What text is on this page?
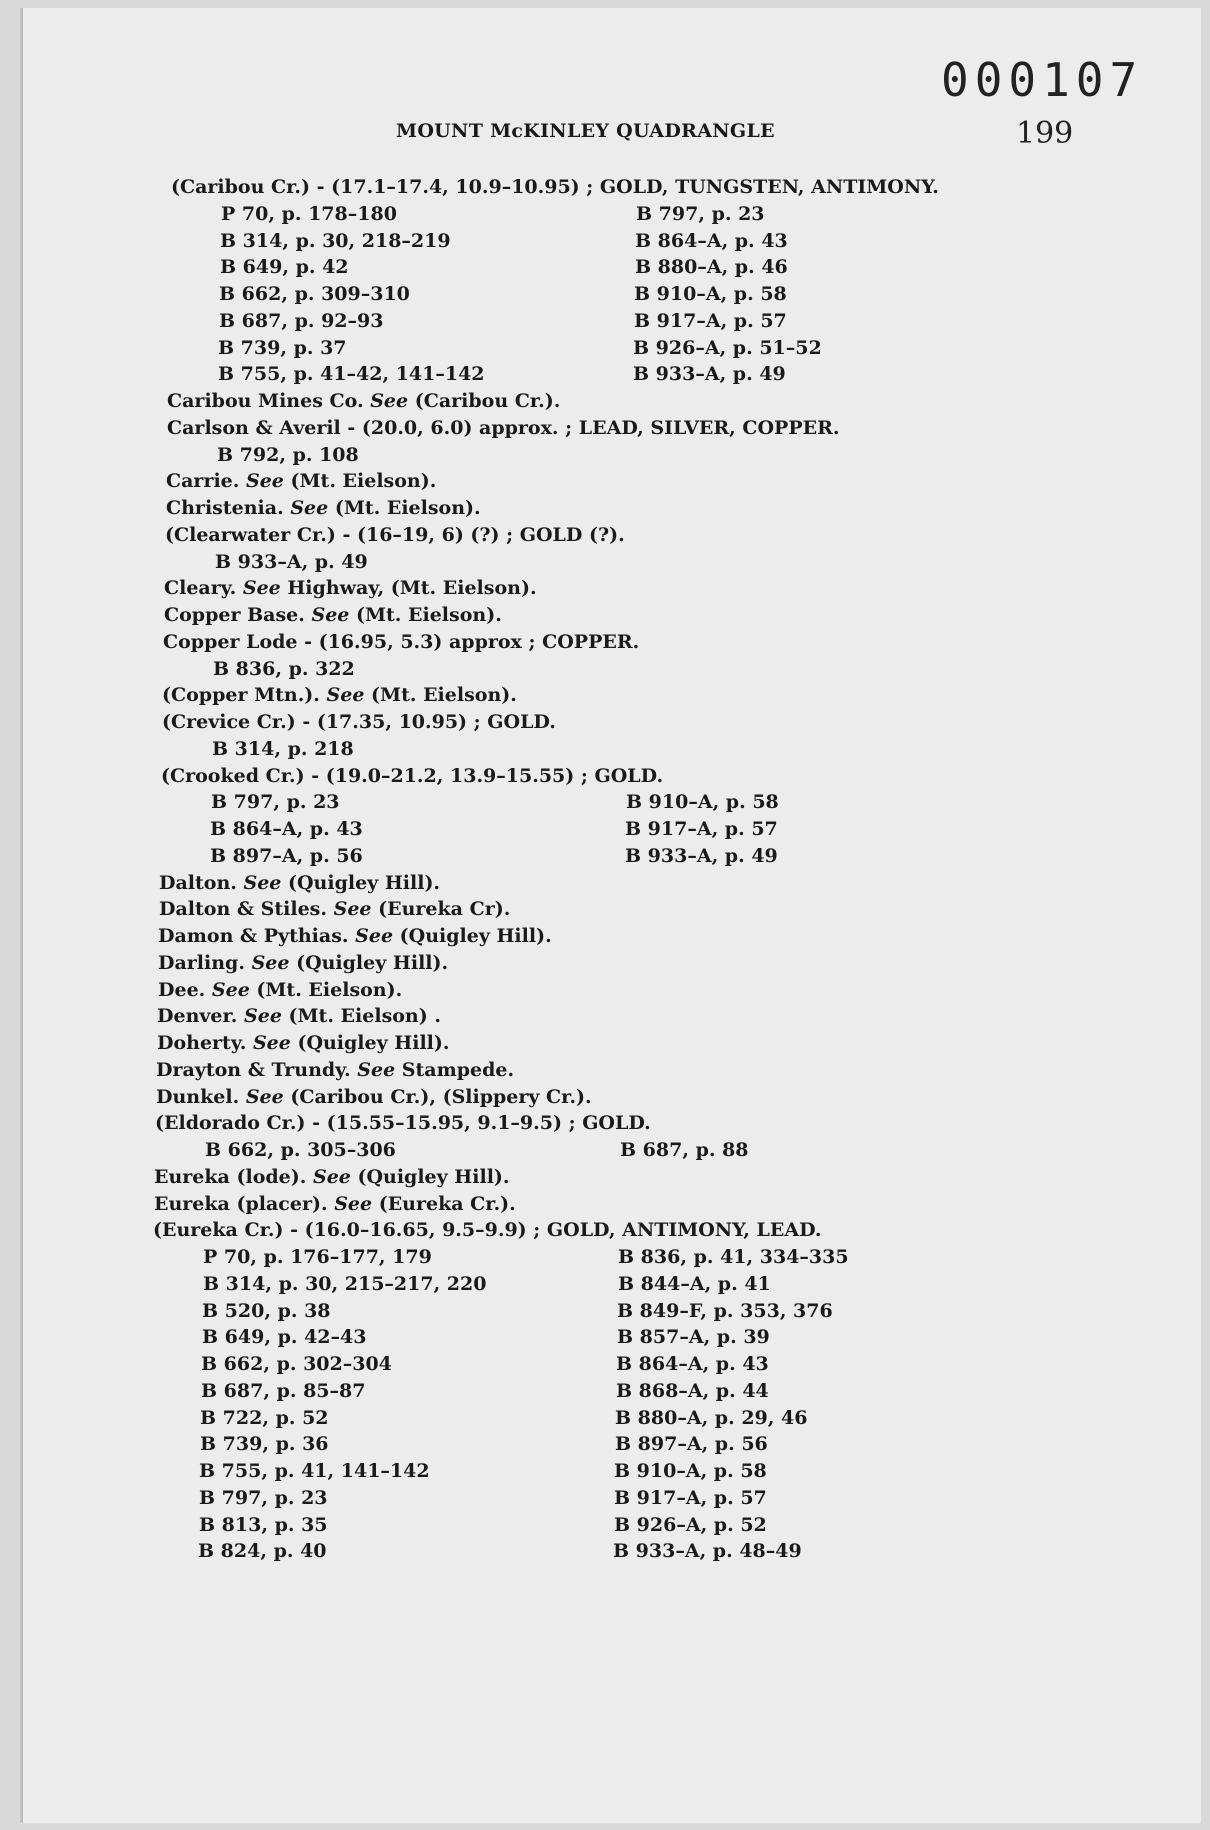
000107
MOUNT McKINLEY QUADRANGLE	199
(Caribou Cr.) - (17.1–17.4, 10.9–10.95) ; GOLD, TUNGSTEN, ANTIMONY.
P 70, p. 178–180	B 797, p. 23
B 314, p. 30, 218–219	B 864–A, p. 43
B 649, p. 42	B 880–A, p. 46
B 662, p. 309–310	B 910–A, p. 58
B 687, p. 92–93	B 917–A, p. 57
B 739, p. 37	B 926–A, p. 51–52
B 755, p. 41–42, 141–142	B 933–A, p. 49
Caribou Mines Co. See (Caribou Cr.).
Carlson & Averil - (20.0, 6.0) approx. ; LEAD, SILVER, COPPER.
B 792, p. 108
Carrie. See (Mt. Eielson).
Christenia. See (Mt. Eielson).
(Clearwater Cr.) - (16–19, 6) (?) ; GOLD (?).
B 933–A, p. 49
Cleary. See Highway, (Mt. Eielson).
Copper Base. See (Mt. Eielson).
Copper Lode - (16.95, 5.3) approx ; COPPER.
B 836, p. 322
(Copper Mtn.). See (Mt. Eielson).
(Crevice Cr.) - (17.35, 10.95) ; GOLD.
B 314, p. 218
(Crooked Cr.) - (19.0–21.2, 13.9–15.55) ; GOLD.
B 797, p. 23	B 910–A, p. 58
B 864–A, p. 43	B 917–A, p. 57
B 897–A, p. 56	B 933–A, p. 49
Dalton. See (Quigley Hill).
Dalton & Stiles. See (Eureka Cr).
Damon & Pythias. See (Quigley Hill).
Darling. See (Quigley Hill).
Dee. See (Mt. Eielson).
Denver. See (Mt. Eielson) .
Doherty. See (Quigley Hill).
Drayton & Trundy. See Stampede.
Dunkel. See (Caribou Cr.), (Slippery Cr.).
(Eldorado Cr.) - (15.55–15.95, 9.1–9.5) ; GOLD.
B 662, p. 305–306	B 687, p. 88
Eureka (lode). See (Quigley Hill).
Eureka (placer). See (Eureka Cr.).
(Eureka Cr.) - (16.0–16.65, 9.5–9.9) ; GOLD, ANTIMONY, LEAD.
P 70, p. 176–177, 179	B 836, p. 41, 334–335
B 314, p. 30, 215–217, 220	B 844–A, p. 41
B 520, p. 38	B 849–F, p. 353, 376
B 649, p. 42–43	B 857–A, p. 39
B 662, p. 302–304	B 864–A, p. 43
B 687, p. 85–87	B 868–A, p. 44
B 722, p. 52	B 880–A, p. 29, 46
B 739, p. 36	B 897–A, p. 56
B 755, p. 41, 141–142	B 910–A, p. 58
B 797, p. 23	B 917–A, p. 57
B 813, p. 35	B 926–A, p. 52
B 824, p. 40	B 933–A, p. 48–49
